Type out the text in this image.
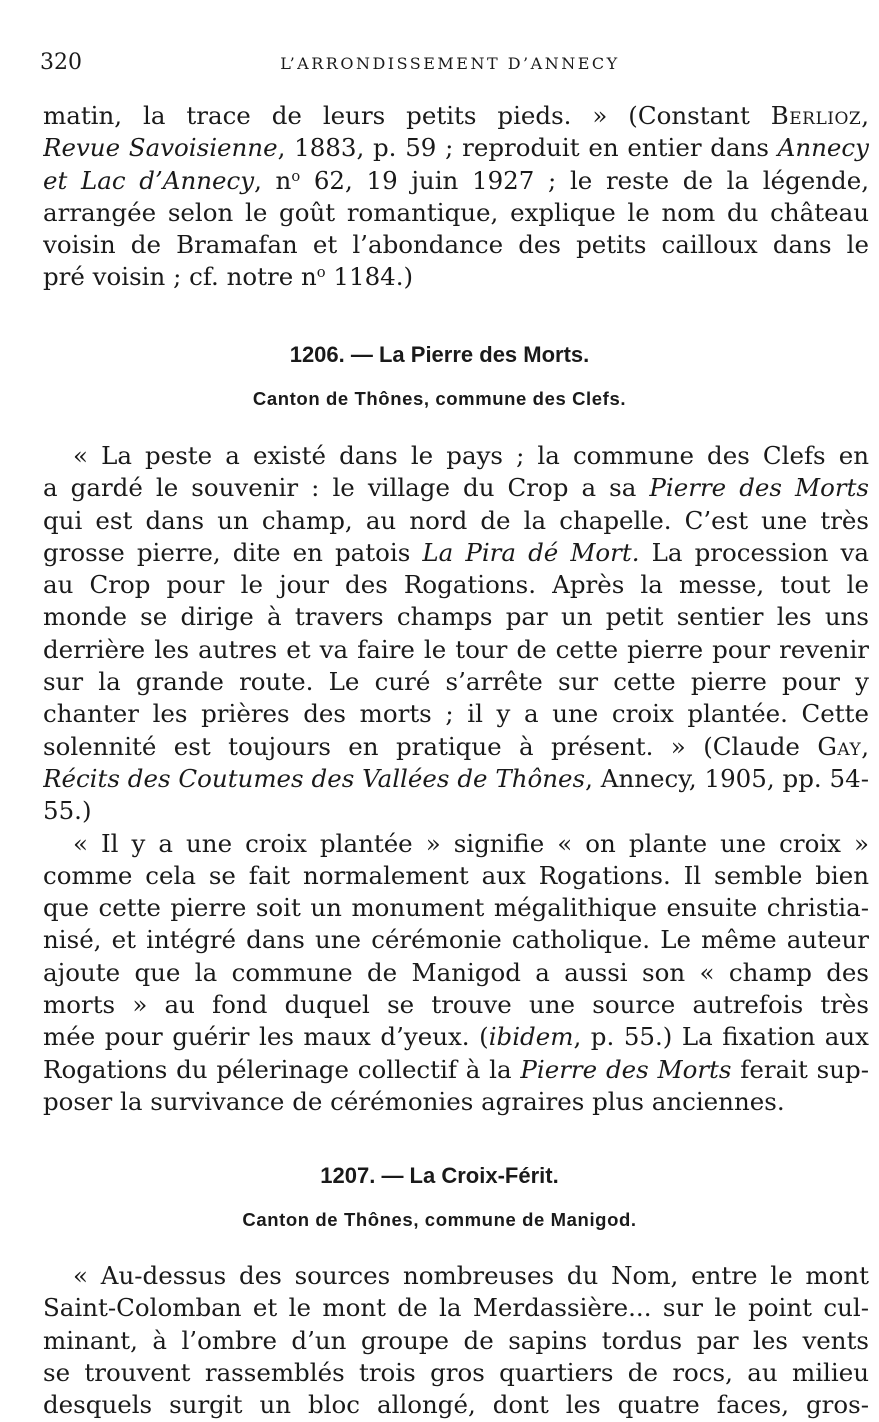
320	L’ARRONDISSEMENT D’ANNECY
matin, la trace de leurs petits pieds. » (Constant Berlioz,
Revue Savoisienne, 1883, p. 59 ; reproduit en entier dans Annecy
et Lac d’Annecy, $n^o$ 62, 19 juin 1927 ; le reste de la légende,
arrangée selon le goût romantique, explique le nom du château
voisin de Bramafan et l’abondance des petits cailloux dans le
pré voisin ; cf. notre $n^o$ 1184.)
1206. — La Pierre des Morts.
Canton de Thônes, commune des Clefs.
« La peste a existé dans le pays ; la commune des Clefs en
a gardé le souvenir : le village du Crop a sa Pierre des Morts
qui est dans un champ, au nord de la chapelle. C’est une très
grosse pierre, dite en patois La Pira dé Mort. La procession va
au Crop pour le jour des Rogations. Après la messe, tout le
monde se dirige à travers champs par un petit sentier les uns
derrière les autres et va faire le tour de cette pierre pour revenir
sur la grande route. Le curé s’arrête sur cette pierre pour y
chanter les prières des morts ; il y a une croix plantée. Cette
solennité est toujours en pratique à présent. » (Claude Gay,
Récits des Coutumes des Vallées de Thônes, Annecy, 1905, pp. 54-
55.)
« Il y a une croix plantée » signifie « on plante une croix »
comme cela se fait normalement aux Rogations. Il semble bien
que cette pierre soit un monument mégalithique ensuite christia-
nisé, et intégré dans une cérémonie catholique. Le même auteur
ajoute que la commune de Manigod a aussi son « champ des
morts » au fond duquel se trouve une source autrefois très
mée pour guérir les maux d’yeux. (ibidem, p. 55.) La fixation aux
Rogations du pélerinage collectif à la Pierre des Morts ferait sup-
poser la survivance de cérémonies agraires plus anciennes.
1207. — La Croix-Férit.
Canton de Thônes, commune de Manigod.
« Au-dessus des sources nombreuses du Nom, entre le mont
Saint-Colomban et le mont de la Merdassière... sur le point cul-
minant, à l’ombre d’un groupe de sapins tordus par les vents
se trouvent rassemblés trois gros quartiers de rocs, au milieu
desquels surgit un bloc allongé, dont les quatre faces, gros-
